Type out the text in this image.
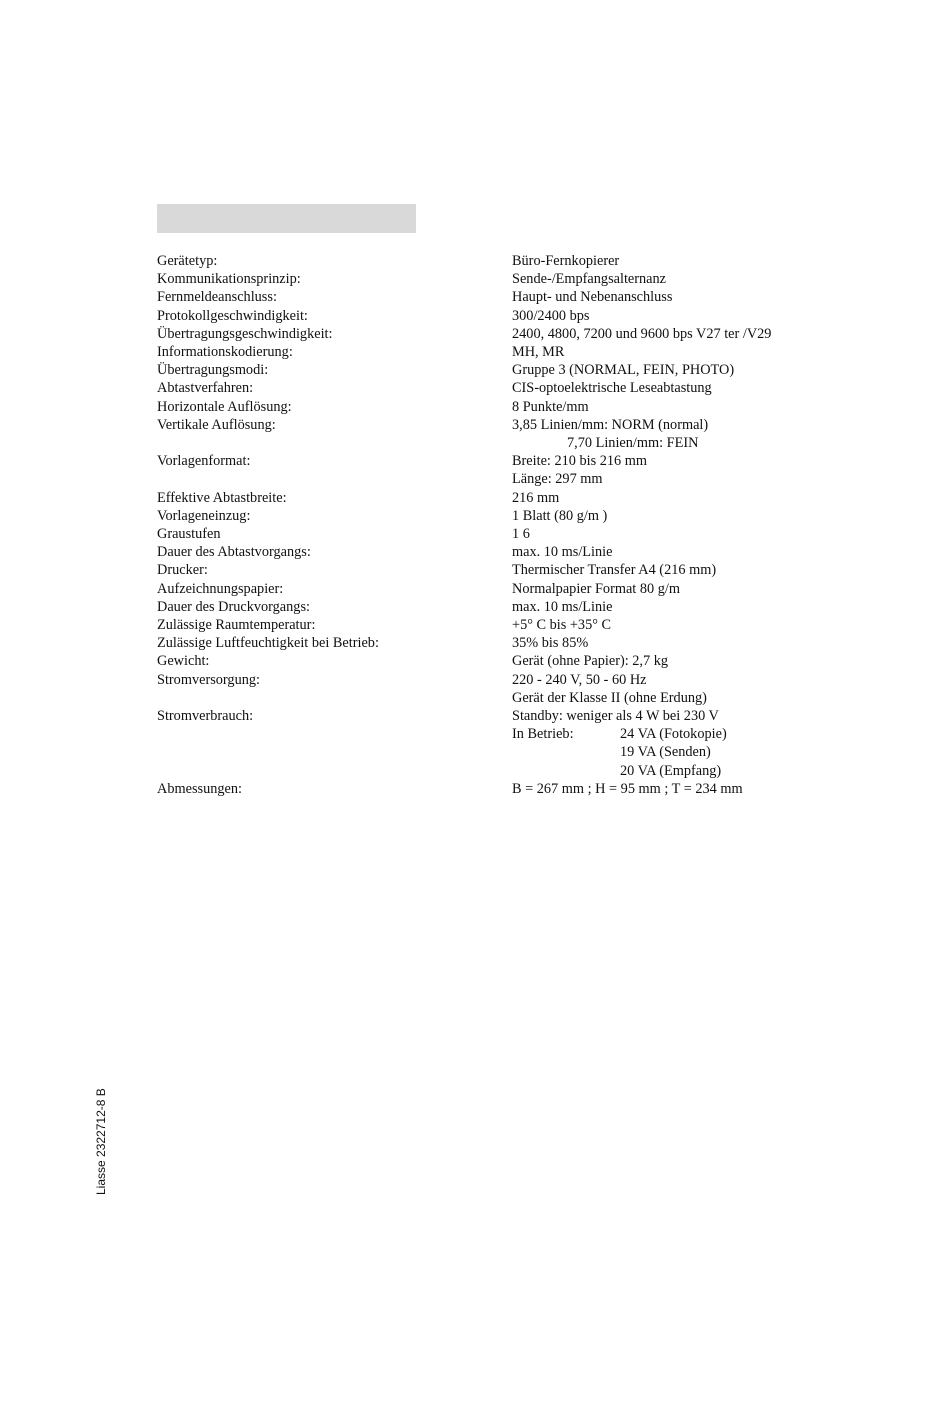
Gerätetyp:	Büro-Fernkopierer
Kommunikationsprinzip:	Sende-/Empfangsalternanz
Fernmeldeanschluss:	Haupt- und Nebenanschluss
Protokollgeschwindigkeit:	300/2400 bps
Übertragungsgeschwindigkeit:	2400, 4800, 7200 und 9600 bps V27 ter /V29
Informationskodierung:	MH, MR
Übertragungsmodi:	Gruppe 3 (NORMAL, FEIN, PHOTO)
Abtastverfahren:	CIS-optoelektrische Leseabtastung
Horizontale Auflösung:	8 Punkte/mm
Vertikale Auflösung:	3,85 Linien/mm: NORM (normal)
7,70 Linien/mm: FEIN
Vorlagenformat:	Breite: 210 bis 216 mm
Länge: 297 mm
Effektive Abtastbreite:	216 mm
Vorlageneinzug:	1 Blatt (80 g/m )
Graustufen	1 6
Dauer des Abtastvorgangs:	max. 10 ms/Linie
Drucker:	Thermischer Transfer A4 (216 mm)
Aufzeichnungspapier:	Normalpapier Format 80 g/m
Dauer des Druckvorgangs:	max. 10 ms/Linie
Zulässige Raumtemperatur:	+5° C bis +35° C
Zulässige Luftfeuchtigkeit bei Betrieb:	35% bis 85%
Gewicht:	Gerät (ohne Papier): 2,7 kg
Stromversorgung:	220 - 240 V, 50 - 60 Hz
Gerät der Klasse II (ohne Erdung)
Stromverbrauch:	Standby: weniger als 4 W bei 230 V
In Betrieb:	24 VA (Fotokopie)
19 VA (Senden)
20 VA (Empfang)
Abmessungen:	B = 267 mm ; H = 95 mm ; T = 234 mm
Liasse 2322712-8 B
